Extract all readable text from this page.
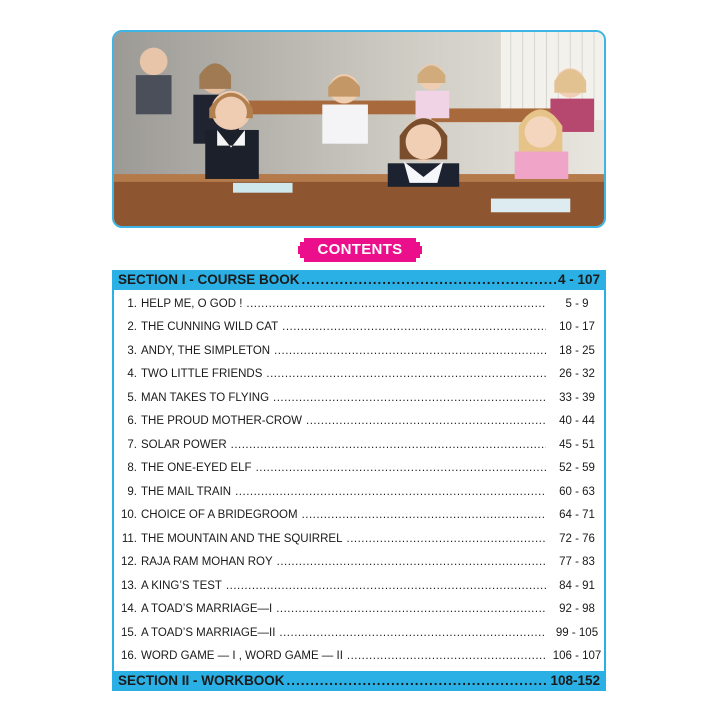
CONTENTS
SECTION I - COURSE BOOK .....	4 - 107
1. HELP ME, O GOD ! .....	5 - 9
2. THE CUNNING WILD CAT .....	10 - 17
3. ANDY, THE SIMPLETON .....	18 - 25
4. TWO LITTLE FRIENDS .....	26 - 32
5. MAN TAKES TO FLYING .....	33 - 39
6. THE PROUD MOTHER-CROW .....	40 - 44
7. SOLAR POWER .....	45 - 51
8. THE ONE-EYED ELF .....	52 - 59
9. THE MAIL TRAIN .....	60 - 63
10. CHOICE OF A BRIDEGROOM .....	64 - 71
11. THE MOUNTAIN AND THE SQUIRREL .....	72 - 76
12. RAJA RAM MOHAN ROY .....	77 - 83
13. A KING’S TEST .....	84 - 91
14. A TOAD’S MARRIAGE—I .....	92 - 98
15. A TOAD’S MARRIAGE—II .....	99 - 105
16. WORD GAME — I , WORD GAME — II .....	106 - 107
SECTION II - WORKBOOK .....	108-152
